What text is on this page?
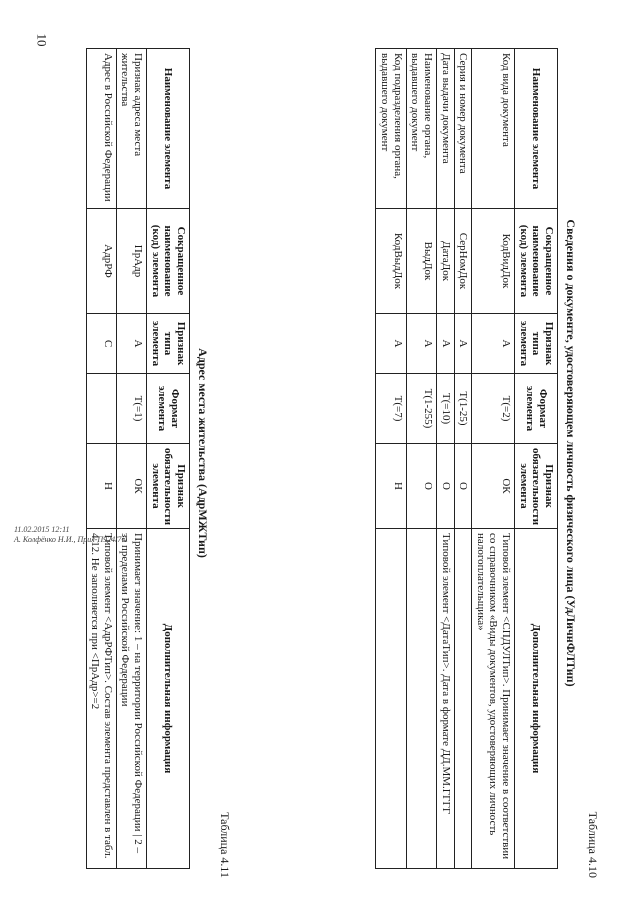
10
Таблица 4.10
Сведения о документе, удостоверяющем личность физического лица (УдЛичнФЛТип)
Наименование элемента	Сокращенное наименование (код) элемента	Признак типа элемента	Формат элемента	Признак обязательности элемента	Дополнительная информация
Код вида документа	КодВидДок	А	T(=2)	ОК	Типовой элемент <СПДУЛТип>. Принимает значение в соответствии со справочником «Виды документов, удостоверяющих личность налогоплательщика»
Серия и номер документа	СерНомДок	А	T(1-25)	О	
Дата выдачи документа	ДатаДок	А	T(=10)	О	Типовой элемент <ДатаТип>. Дата в формате ДД.ММ.ГГГГ
Наименование органа, выдавшего документ	ВыдДок	А	T(1-255)	О	
Код подразделения органа, выдавшего документ	КодВыдДок	А	T(=7)	Н	
Таблица 4.11
Адрес места жительства (АдрМЖТип)
Наименование элемента	Сокращенное наименование (код) элемента	Признак типа элемента	Формат элемента	Признак обязательности элемента	Дополнительная информация
Признак адреса места жительства	ПрАдр	А	T(=1)	ОК	Принимает значение: 1 – на территории Российской Федерации | 2 – за пределами Российской Федерации
Адрес в Российской Федерации	АдрРФ	С		Н	Типовой элемент <АдрРФТип>. Состав элемента представлен в табл. 4.12. Не заполняется при <ПрАдр>=2
11.02.2015 12:11
А. Колфёнко Н.И., Прил-П924/7-1
